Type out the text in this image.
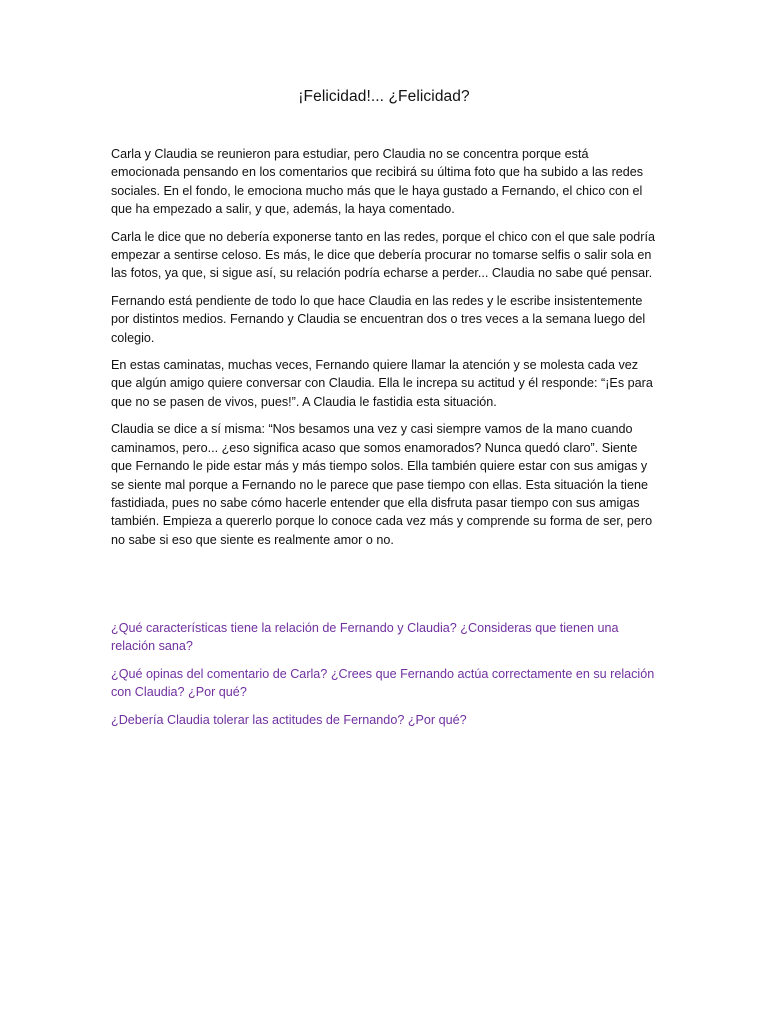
¡Felicidad!... ¿Felicidad?

Carla y Claudia se reunieron para estudiar, pero Claudia no se concentra porque está emocionada pensando en los comentarios que recibirá su última foto que ha subido a las redes sociales. En el fondo, le emociona mucho más que le haya gustado a Fernando, el chico con el que ha empezado a salir, y que, además, la haya comentado.

Carla le dice que no debería exponerse tanto en las redes, porque el chico con el que sale podría empezar a sentirse celoso. Es más, le dice que debería procurar no tomarse selfis o salir sola en las fotos, ya que, si sigue así, su relación podría echarse a perder... Claudia no sabe qué pensar.

Fernando está pendiente de todo lo que hace Claudia en las redes y le escribe insistentemente por distintos medios. Fernando y Claudia se encuentran dos o tres veces a la semana luego del colegio.

En estas caminatas, muchas veces, Fernando quiere llamar la atención y se molesta cada vez que algún amigo quiere conversar con Claudia. Ella le increpa su actitud y él responde: “¡Es para que no se pasen de vivos, pues!”. A Claudia le fastidia esta situación.

Claudia se dice a sí misma: “Nos besamos una vez y casi siempre vamos de la mano cuando caminamos, pero... ¿eso significa acaso que somos enamorados? Nunca quedó claro”. Siente que Fernando le pide estar más y más tiempo solos. Ella también quiere estar con sus amigas y se siente mal porque a Fernando no le parece que pase tiempo con ellas. Esta situación la tiene fastidiada, pues no sabe cómo hacerle entender que ella disfruta pasar tiempo con sus amigas también. Empieza a quererlo porque lo conoce cada vez más y comprende su forma de ser, pero no sabe si eso que siente es realmente amor o no.

¿Qué características tiene la relación de Fernando y Claudia? ¿Consideras que tienen una relación sana?

¿Qué opinas del comentario de Carla? ¿Crees que Fernando actúa correctamente en su relación con Claudia? ¿Por qué?

¿Debería Claudia tolerar las actitudes de Fernando? ¿Por qué?
